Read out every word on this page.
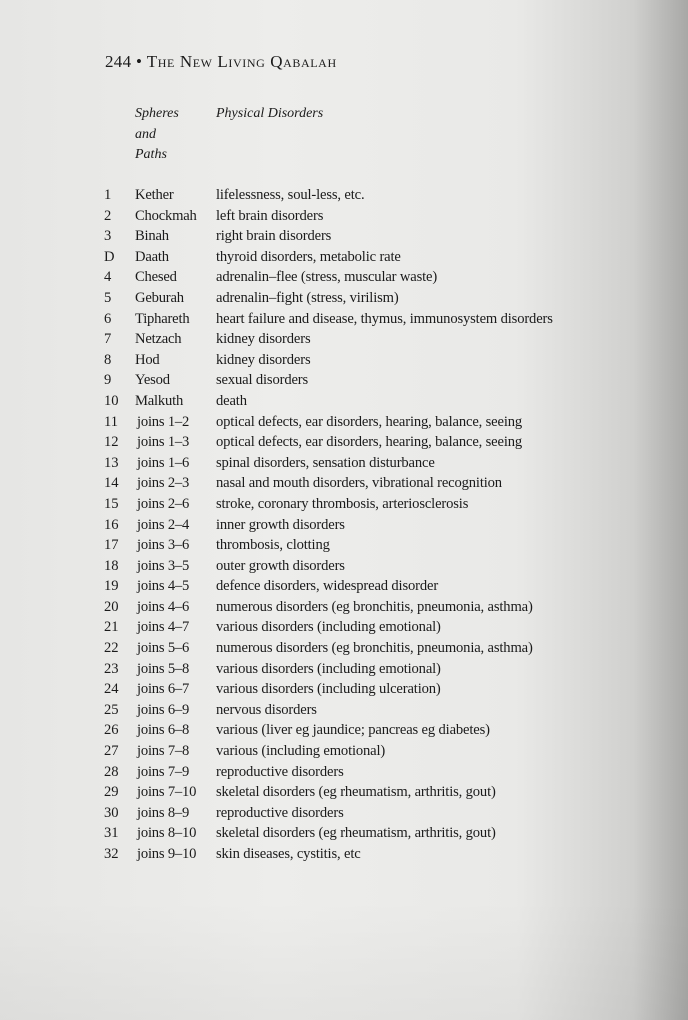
244 • The New Living Qabalah
Spheres
and
Paths
Physical Disorders
1 Kether	lifelessness, soul-less, etc.
2 Chockmah left brain disorders
3 Binah	right brain disorders
D Daath	thyroid disorders, metabolic rate
4 Chesed	adrenalin–flee (stress, muscular waste)
5 Geburah adrenalin–fight (stress, virilism)
6 Tiphareth heart failure and disease, thymus, immunosystem disorders
7 Netzach kidney disorders
8 Hod	kidney disorders
9 Yesod	sexual disorders
10 Malkuth death
11 joins 1–2 optical defects, ear disorders, hearing, balance, seeing
12 joins 1–3 optical defects, ear disorders, hearing, balance, seeing
13 joins 1–6 spinal disorders, sensation disturbance
14 joins 2–3 nasal and mouth disorders, vibrational recognition
15 joins 2–6 stroke, coronary thrombosis, arteriosclerosis
16 joins 2–4 inner growth disorders
17 joins 3–6 thrombosis, clotting
18 joins 3–5 outer growth disorders
19 joins 4–5 defence disorders, widespread disorder
20 joins 4–6 numerous disorders (eg bronchitis, pneumonia, asthma)
21 joins 4–7 various disorders (including emotional)
22 joins 5–6 numerous disorders (eg bronchitis, pneumonia, asthma)
23 joins 5–8 various disorders (including emotional)
24 joins 6–7 various disorders (including ulceration)
25 joins 6–9 nervous disorders
26 joins 6–8 various (liver eg jaundice; pancreas eg diabetes)
27 joins 7–8 various (including emotional)
28 joins 7–9 reproductive disorders
29 joins 7–10 skeletal disorders (eg rheumatism, arthritis, gout)
30 joins 8–9 reproductive disorders
31 joins 8–10 skeletal disorders (eg rheumatism, arthritis, gout)
32 joins 9–10 skin diseases, cystitis, etc
